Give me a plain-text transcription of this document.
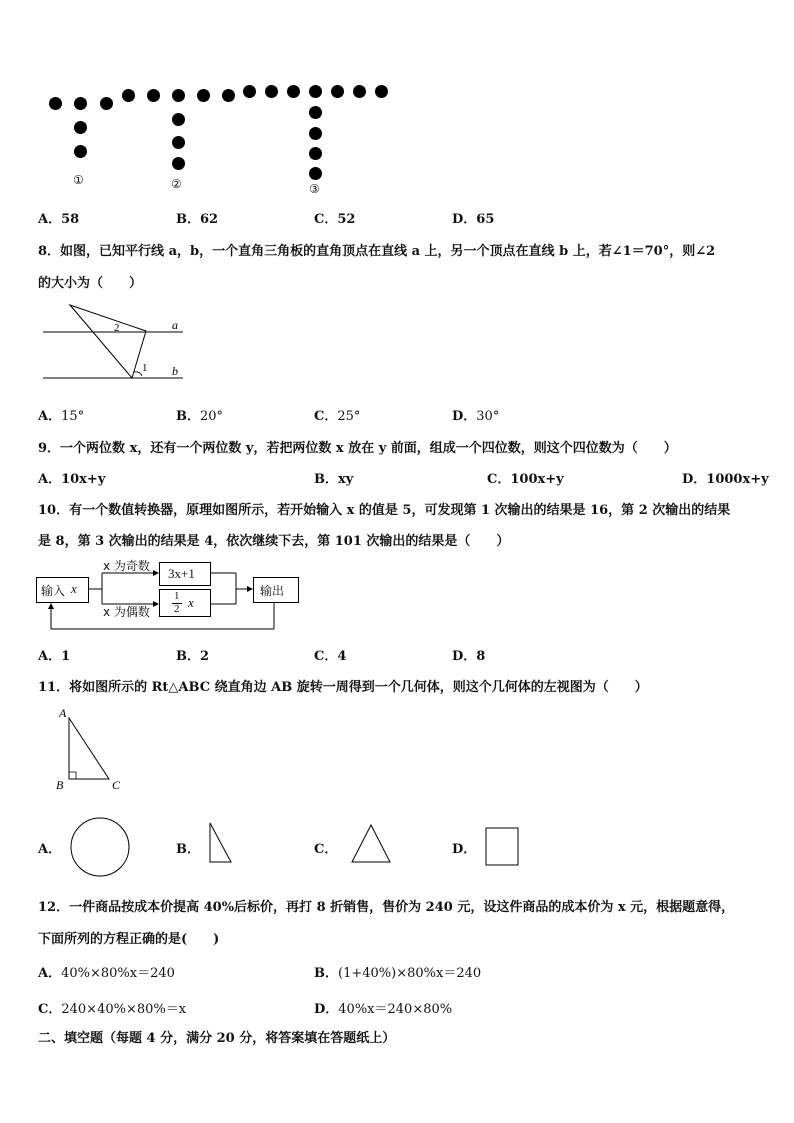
①	②	③
A．58	B．62	C．52	D．65
8．如图，已知平行线 a，b，一个直角三角板的直角顶点在直线 a 上，另一个顶点在直线 b 上，若∠1＝70°，则∠2
的大小为（　　）
a
b
1
2
A．15°	B．20°	C．25°	D．30°
9．一个两位数 x，还有一个两位数 y，若把两位数 x 放在 y 前面，组成一个四位数，则这个四位数为（　　）
A．10x+y	B．xy	C．100x+y	D．1000x+y
10．有一个数值转换器，原理如图所示，若开始输入 x 的值是 5，可发现第 1 次输出的结果是 16，第 2 次输出的结果
是 8，第 3 次输出的结果是 4，依次继续下去，第 101 次输出的结果是（　　）
输入 x
x 为奇数
x 为偶数
3x+1
1
2 x
输出
A．1	B．2	C．4	D．8
11．将如图所示的 Rt△ABC 绕直角边 AB 旋转一周得到一个几何体，则这个几何体的左视图为（　　）
A
B	C
A．	B．	C．	D．
12．一件商品按成本价提高 40%后标价，再打 8 折销售，售价为 240 元，设这件商品的成本价为 x 元，根据题意得，
下面所列的方程正确的是(　　)
A．40%×80%x＝240	B．(1+40%)×80%x＝240
C．240×40%×80%＝x	D．40%x＝240×80%
二、填空题（每题 4 分，满分 20 分，将答案填在答题纸上）
